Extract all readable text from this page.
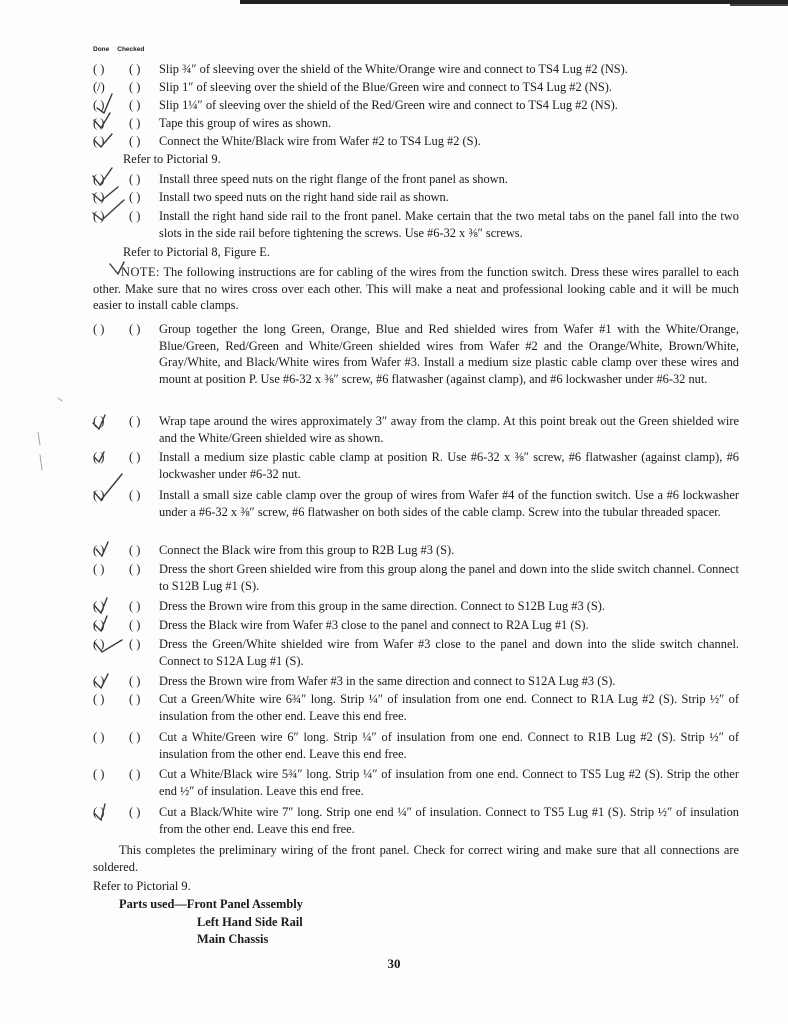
Done Checked
( ) ( ) Slip ¾″ of sleeving over the shield of the White/Orange wire and connect to TS4 Lug #2 (NS).
(/) ( ) Slip 1″ of sleeving over the shield of the Blue/Green wire and connect to TS4 Lug #2 (NS).
( ) ( ) Slip 1¼″ of sleeving over the shield of the Red/Green wire and connect to TS4 Lug #2 (NS).
( ) ( ) Tape this group of wires as shown.
( ) ( ) Connect the White/Black wire from Wafer #2 to TS4 Lug #2 (S).
Refer to Pictorial 9.
( ) ( ) Install three speed nuts on the right flange of the front panel as shown.
( ) ( ) Install two speed nuts on the right hand side rail as shown.
( ) ( ) Install the right hand side rail to the front panel. Make certain that the two metal tabs on the panel fall into the two slots in the side rail before tightening the screws. Use #6-32 x ⅜″ screws.
Refer to Pictorial 8, Figure E.
NOTE: The following instructions are for cabling of the wires from the function switch. Dress these wires parallel to each other. Make sure that no wires cross over each other. This will make a neat and professional looking cable and it will be much easier to install cable clamps.
( ) ( ) Group together the long Green, Orange, Blue and Red shielded wires from Wafer #1 with the White/Orange, Blue/Green, Red/Green and White/Green shielded wires from Wafer #2 and the Orange/White, Brown/White, Gray/White, and Black/White wires from Wafer #3. Install a medium size plastic cable clamp over these wires and mount at position P. Use #6-32 x ⅜″ screw, #6 flatwasher (against clamp), and #6 lockwasher under #6-32 nut.
( ) ( ) Wrap tape around the wires approximately 3″ away from the clamp. At this point break out the Green shielded wire and the White/Green shielded wire as shown.
( ) ( ) Install a medium size plastic cable clamp at position R. Use #6-32 x ⅜″ screw, #6 flatwasher (against clamp), #6 lockwasher under #6-32 nut.
( ) ( ) Install a small size cable clamp over the group of wires from Wafer #4 of the function switch. Use a #6 lockwasher under a #6-32 x ⅜″ screw, #6 flatwasher on both sides of the cable clamp. Screw into the tubular threaded spacer.
( ) ( ) Connect the Black wire from this group to R2B Lug #3 (S).
( ) ( ) Dress the short Green shielded wire from this group along the panel and down into the slide switch channel. Connect to S12B Lug #1 (S).
( ) ( ) Dress the Brown wire from this group in the same direction. Connect to S12B Lug #3 (S).
( ) ( ) Dress the Black wire from Wafer #3 close to the panel and connect to R2A Lug #1 (S).
( ) ( ) Dress the Green/White shielded wire from Wafer #3 close to the panel and down into the slide switch channel. Connect to S12A Lug #1 (S).
( ) ( ) Dress the Brown wire from Wafer #3 in the same direction and connect to S12A Lug #3 (S).
( ) ( ) Cut a Green/White wire 6¾″ long. Strip ¼″ of insulation from one end. Connect to R1A Lug #2 (S). Strip ½″ of insulation from the other end. Leave this end free.
( ) ( ) Cut a White/Green wire 6″ long. Strip ¼″ of insulation from one end. Connect to R1B Lug #2 (S). Strip ½″ of insulation from the other end. Leave this end free.
( ) ( ) Cut a White/Black wire 5¾″ long. Strip ¼″ of insulation from one end. Connect to TS5 Lug #2 (S). Strip the other end ½″ of insulation. Leave this end free.
( ) ( ) Cut a Black/White wire 7″ long. Strip one end ¼″ of insulation. Connect to TS5 Lug #1 (S). Strip ½″ of insulation from the other end. Leave this end free.
This completes the preliminary wiring of the front panel. Check for correct wiring and make sure that all connections are soldered.
Refer to Pictorial 9.
Parts used—Front Panel Assembly
Left Hand Side Rail
Main Chassis
30
